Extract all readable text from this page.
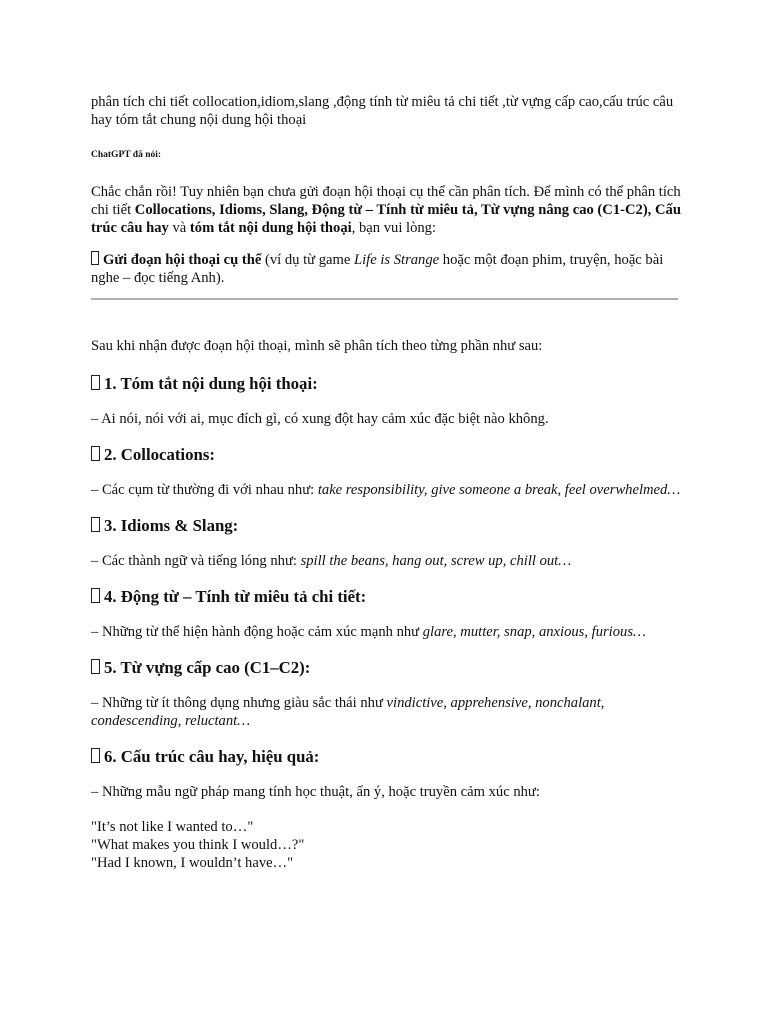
phân tích chi tiết collocation,idiom,slang ,động tính từ miêu tả chi tiết ,từ vựng cấp cao,cấu trúc câu hay tóm tắt chung nội dung hội thoại

ChatGPT đã nói:

Chắc chắn rồi! Tuy nhiên bạn chưa gửi đoạn hội thoại cụ thể cần phân tích. Để mình có thể phân tích chi tiết Collocations, Idioms, Slang, Động từ – Tính từ miêu tả, Từ vựng nâng cao (C1-C2), Cấu trúc câu hay và tóm tắt nội dung hội thoại, bạn vui lòng:

Gửi đoạn hội thoại cụ thể (ví dụ từ game Life is Strange hoặc một đoạn phim, truyện, hoặc bài nghe – đọc tiếng Anh).

Sau khi nhận được đoạn hội thoại, mình sẽ phân tích theo từng phần như sau:

1. Tóm tắt nội dung hội thoại:

– Ai nói, nói với ai, mục đích gì, có xung đột hay cảm xúc đặc biệt nào không.

2. Collocations:

– Các cụm từ thường đi với nhau như: take responsibility, give someone a break, feel overwhelmed…

3. Idioms & Slang:

– Các thành ngữ và tiếng lóng như: spill the beans, hang out, screw up, chill out…

4. Động từ – Tính từ miêu tả chi tiết:

– Những từ thể hiện hành động hoặc cảm xúc mạnh như glare, mutter, snap, anxious, furious…

5. Từ vựng cấp cao (C1–C2):

– Những từ ít thông dụng nhưng giàu sắc thái như vindictive, apprehensive, nonchalant, condescending, reluctant…

6. Cấu trúc câu hay, hiệu quả:

– Những mẫu ngữ pháp mang tính học thuật, ẩn ý, hoặc truyền cảm xúc như:

"It’s not like I wanted to…"

"What makes you think I would…?"

"Had I known, I wouldn’t have…"
